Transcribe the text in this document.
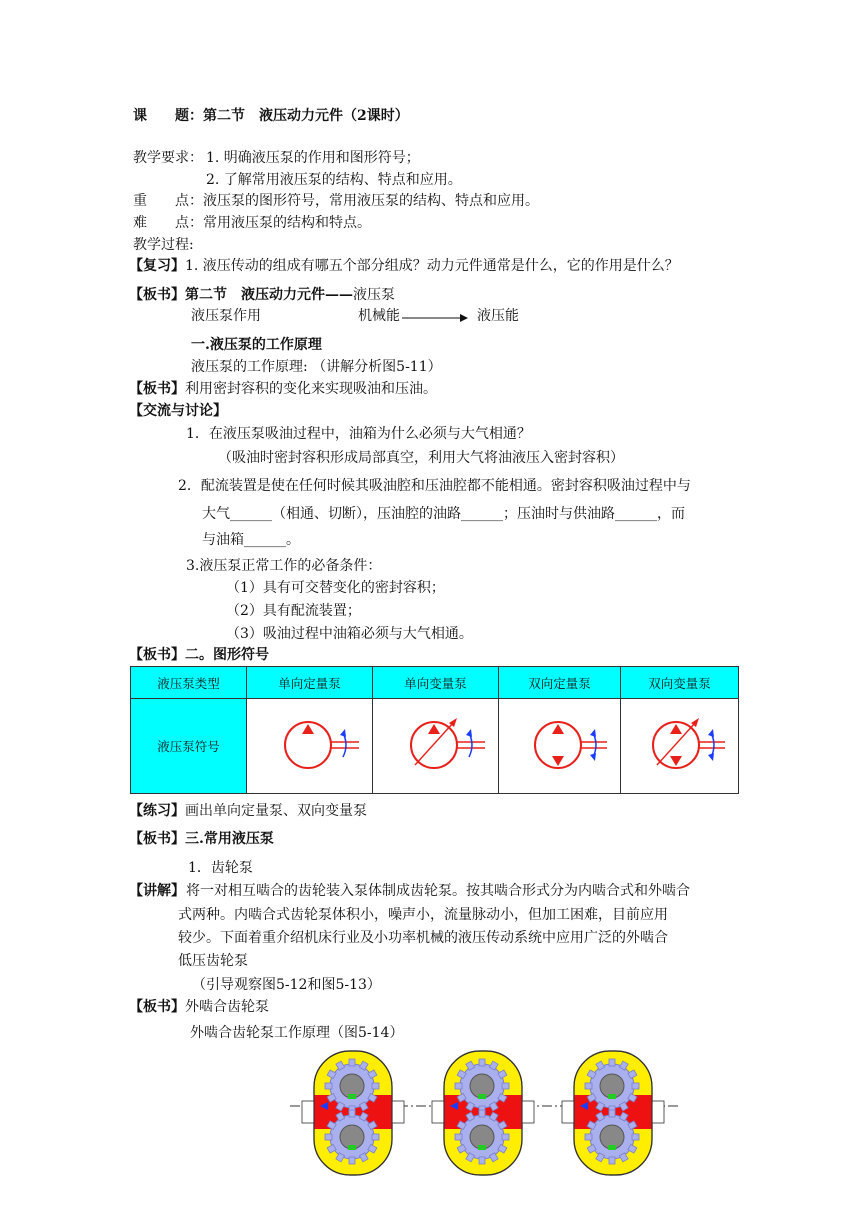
课　　题：第二节　液压动力元件（2课时）
教学要求： 1. 明确液压泵的作用和图形符号；
2. 了解常用液压泵的结构、特点和应用。
重　　点：液压泵的图形符号，常用液压泵的结构、特点和应用。
难　　点：常用液压泵的结构和特点。
教学过程:
【复习】1. 液压传动的组成有哪五个部分组成？动力元件通常是什么，它的作用是什么？
【板书】第二节　液压动力元件——液压泵
液压泵作用	机械能	液压能
一.液压泵的工作原理
液压泵的工作原理: （讲解分析图5-11）
【板书】利用密封容积的变化来实现吸油和压油。
【交流与讨论】
1．在液压泵吸油过程中，油箱为什么必须与大气相通？
（吸油时密封容积形成局部真空，利用大气将油液压入密封容积）
2．配流装置是使在任何时候其吸油腔和压油腔都不能相通。密封容积吸油过程中与
大气______（相通、切断），压油腔的油路______；压油时与供油路______，而
与油箱______。
3.液压泵正常工作的必备条件：
（1）具有可交替变化的密封容积；
（2）具有配流装置；
（3）吸油过程中油箱必须与大气相通。
【板书】二。图形符号
液压泵类型	单向定量泵	单向变量泵	双向定量泵	双向变量泵
液压泵符号	

【练习】画出单向定量泵、双向变量泵
【板书】三.常用液压泵
1．齿轮泵
【讲解】 将一对相互啮合的齿轮装入泵体制成齿轮泵。按其啮合形式分为内啮合式和外啮合
式两种。内啮合式齿轮泵体积小，噪声小，流量脉动小，但加工困难，目前应用
较少。下面着重介绍机床行业及小功率机械的液压传动系统中应用广泛的外啮合
低压齿轮泵
（引导观察图5-12和图5-13）
【板书】外啮合齿轮泵
外啮合齿轮泵工作原理（图5-14）
